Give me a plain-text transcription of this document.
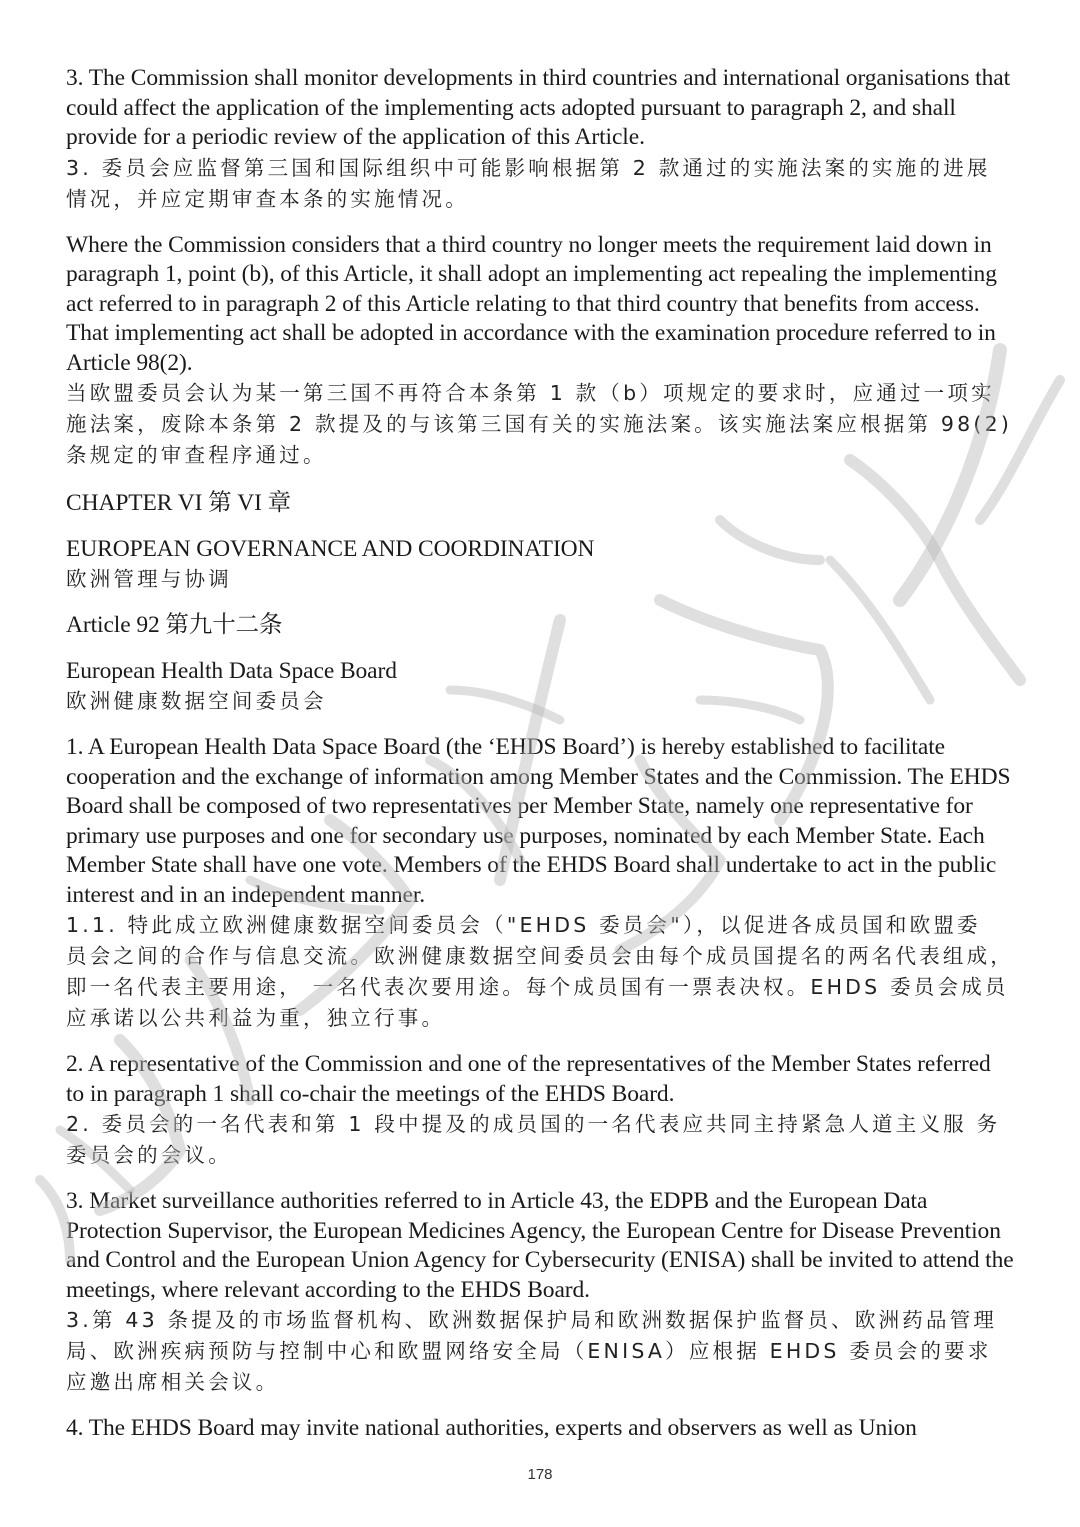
3. The Commission shall monitor developments in third countries and international organisations that could affect the application of the implementing acts adopted pursuant to paragraph 2, and shall provide for a periodic review of the application of this Article.

3. 委员会应监督第三国和国际组织中可能影响根据第 2 款通过的实施法案的实施的进展情况，并应定期审查本条的实施情况。

Where the Commission considers that a third country no longer meets the requirement laid down in paragraph 1, point (b), of this Article, it shall adopt an implementing act repealing the implementing act referred to in paragraph 2 of this Article relating to that third country that benefits from access. That implementing act shall be adopted in accordance with the examination procedure referred to in Article 98(2).

当欧盟委员会认为某一第三国不再符合本条第 1 款（b）项规定的要求时，应通过一项实施法案，废除本条第 2 款提及的与该第三国有关的实施法案。该实施法案应根据第 98(2)条规定的审查程序通过。

CHAPTER VI 第 VI 章

EUROPEAN GOVERNANCE AND COORDINATION

欧洲管理与协调

Article 92 第九十二条

European Health Data Space Board

欧洲健康数据空间委员会

1. A European Health Data Space Board (the ‘EHDS Board’) is hereby established to facilitate cooperation and the exchange of information among Member States and the Commission. The EHDS Board shall be composed of two representatives per Member State, namely one representative for primary use purposes and one for secondary use purposes, nominated by each Member State. Each Member State shall have one vote. Members of the EHDS Board shall undertake to act in the public interest and in an independent manner.

1.1. 特此成立欧洲健康数据空间委员会（"EHDS 委员会"），以促进各成员国和欧盟委 员会之间的合作与信息交流。欧洲健康数据空间委员会由每个成员国提名的两名代表组成，即一名代表主要用途， 一名代表次要用途。每个成员国有一票表决权。EHDS 委员会成员应承诺以公共利益为重，独立行事。

2. A representative of the Commission and one of the representatives of the Member States referred to in paragraph 1 shall co-chair the meetings of the EHDS Board.

2. 委员会的一名代表和第 1 段中提及的成员国的一名代表应共同主持紧急人道主义服 务委员会的会议。

3. Market surveillance authorities referred to in Article 43, the EDPB and the European Data Protection Supervisor, the European Medicines Agency, the European Centre for Disease Prevention and Control and the European Union Agency for Cybersecurity (ENISA) shall be invited to attend the meetings, where relevant according to the EHDS Board.

3.第 43 条提及的市场监督机构、欧洲数据保护局和欧洲数据保护监督员、欧洲药品管理局、欧洲疾病预防与控制中心和欧盟网络安全局（ENISA）应根据 EHDS 委员会的要求应邀出席相关会议。

4. The EHDS Board may invite national authorities, experts and observers as well as Union

178
